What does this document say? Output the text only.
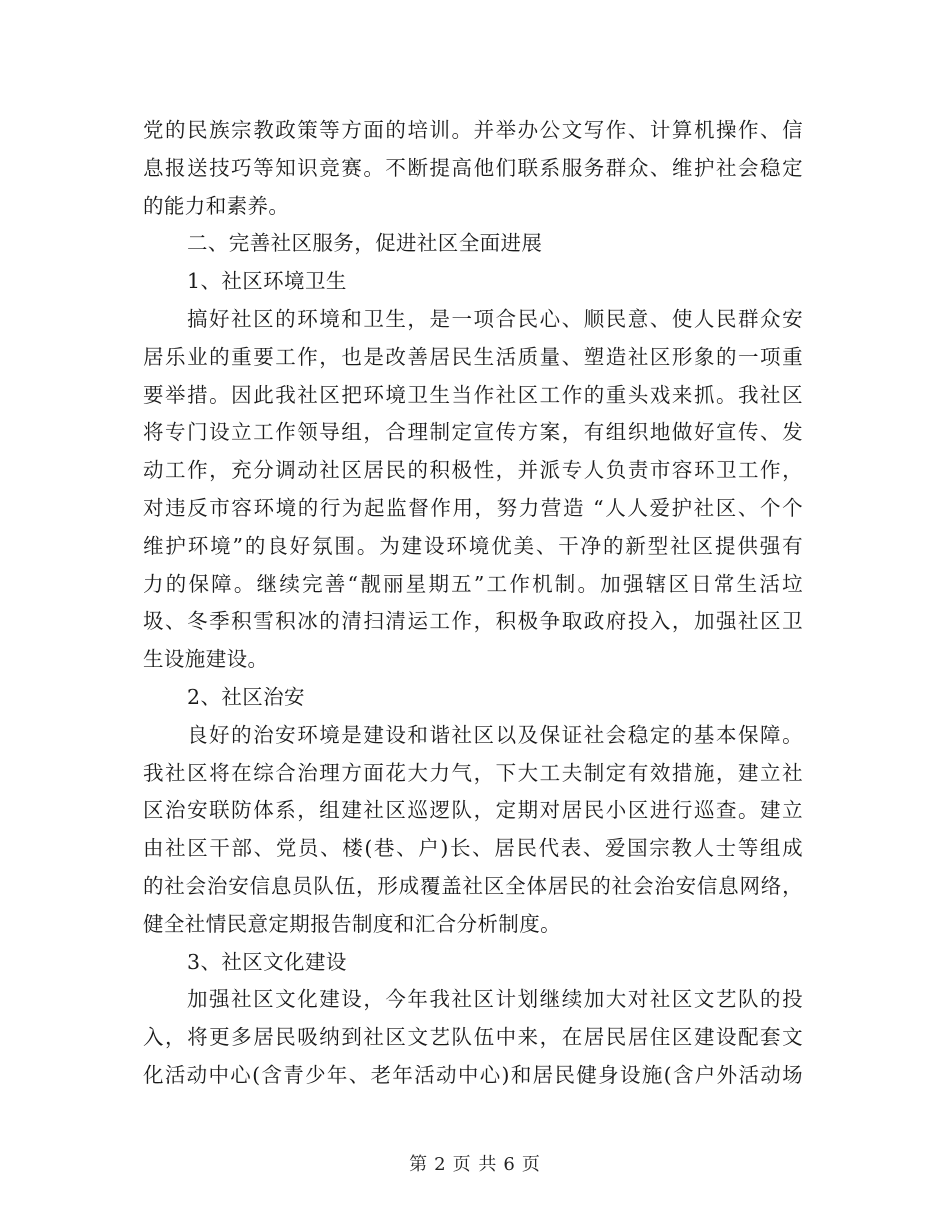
党的民族宗教政策等方面的培训。并举办公文写作、计算机操作、信
息报送技巧等知识竞赛。不断提高他们联系服务群众、维护社会稳定
的能力和素养。
二、完善社区服务，促进社区全面进展
1、社区环境卫生
搞好社区的环境和卫生，是一项合民心、顺民意、使人民群众安
居乐业的重要工作，也是改善居民生活质量、塑造社区形象的一项重
要举措。因此我社区把环境卫生当作社区工作的重头戏来抓。我社区
将专门设立工作领导组，合理制定宣传方案，有组织地做好宣传、发
动工作，充分调动社区居民的积极性，并派专人负责市容环卫工作，
对违反市容环境的行为起监督作用，努力营造 “人人爱护社区、个个
维护环境”的良好氛围。为建设环境优美、干净的新型社区提供强有
力的保障。继续完善“靓丽星期五”工作机制。加强辖区日常生活垃
圾、冬季积雪积冰的清扫清运工作，积极争取政府投入，加强社区卫
生设施建设。
2、社区治安
良好的治安环境是建设和谐社区以及保证社会稳定的基本保障。
我社区将在综合治理方面花大力气，下大工夫制定有效措施，建立社
区治安联防体系，组建社区巡逻队，定期对居民小区进行巡查。建立
由社区干部、党员、楼(巷、户)长、居民代表、爱国宗教人士等组成
的社会治安信息员队伍，形成覆盖社区全体居民的社会治安信息网络，
健全社情民意定期报告制度和汇合分析制度。
3、社区文化建设
加强社区文化建设，今年我社区计划继续加大对社区文艺队的投
入，将更多居民吸纳到社区文艺队伍中来，在居民居住区建设配套文
化活动中心(含青少年、老年活动中心)和居民健身设施(含户外活动场
第 2 页 共 6 页
